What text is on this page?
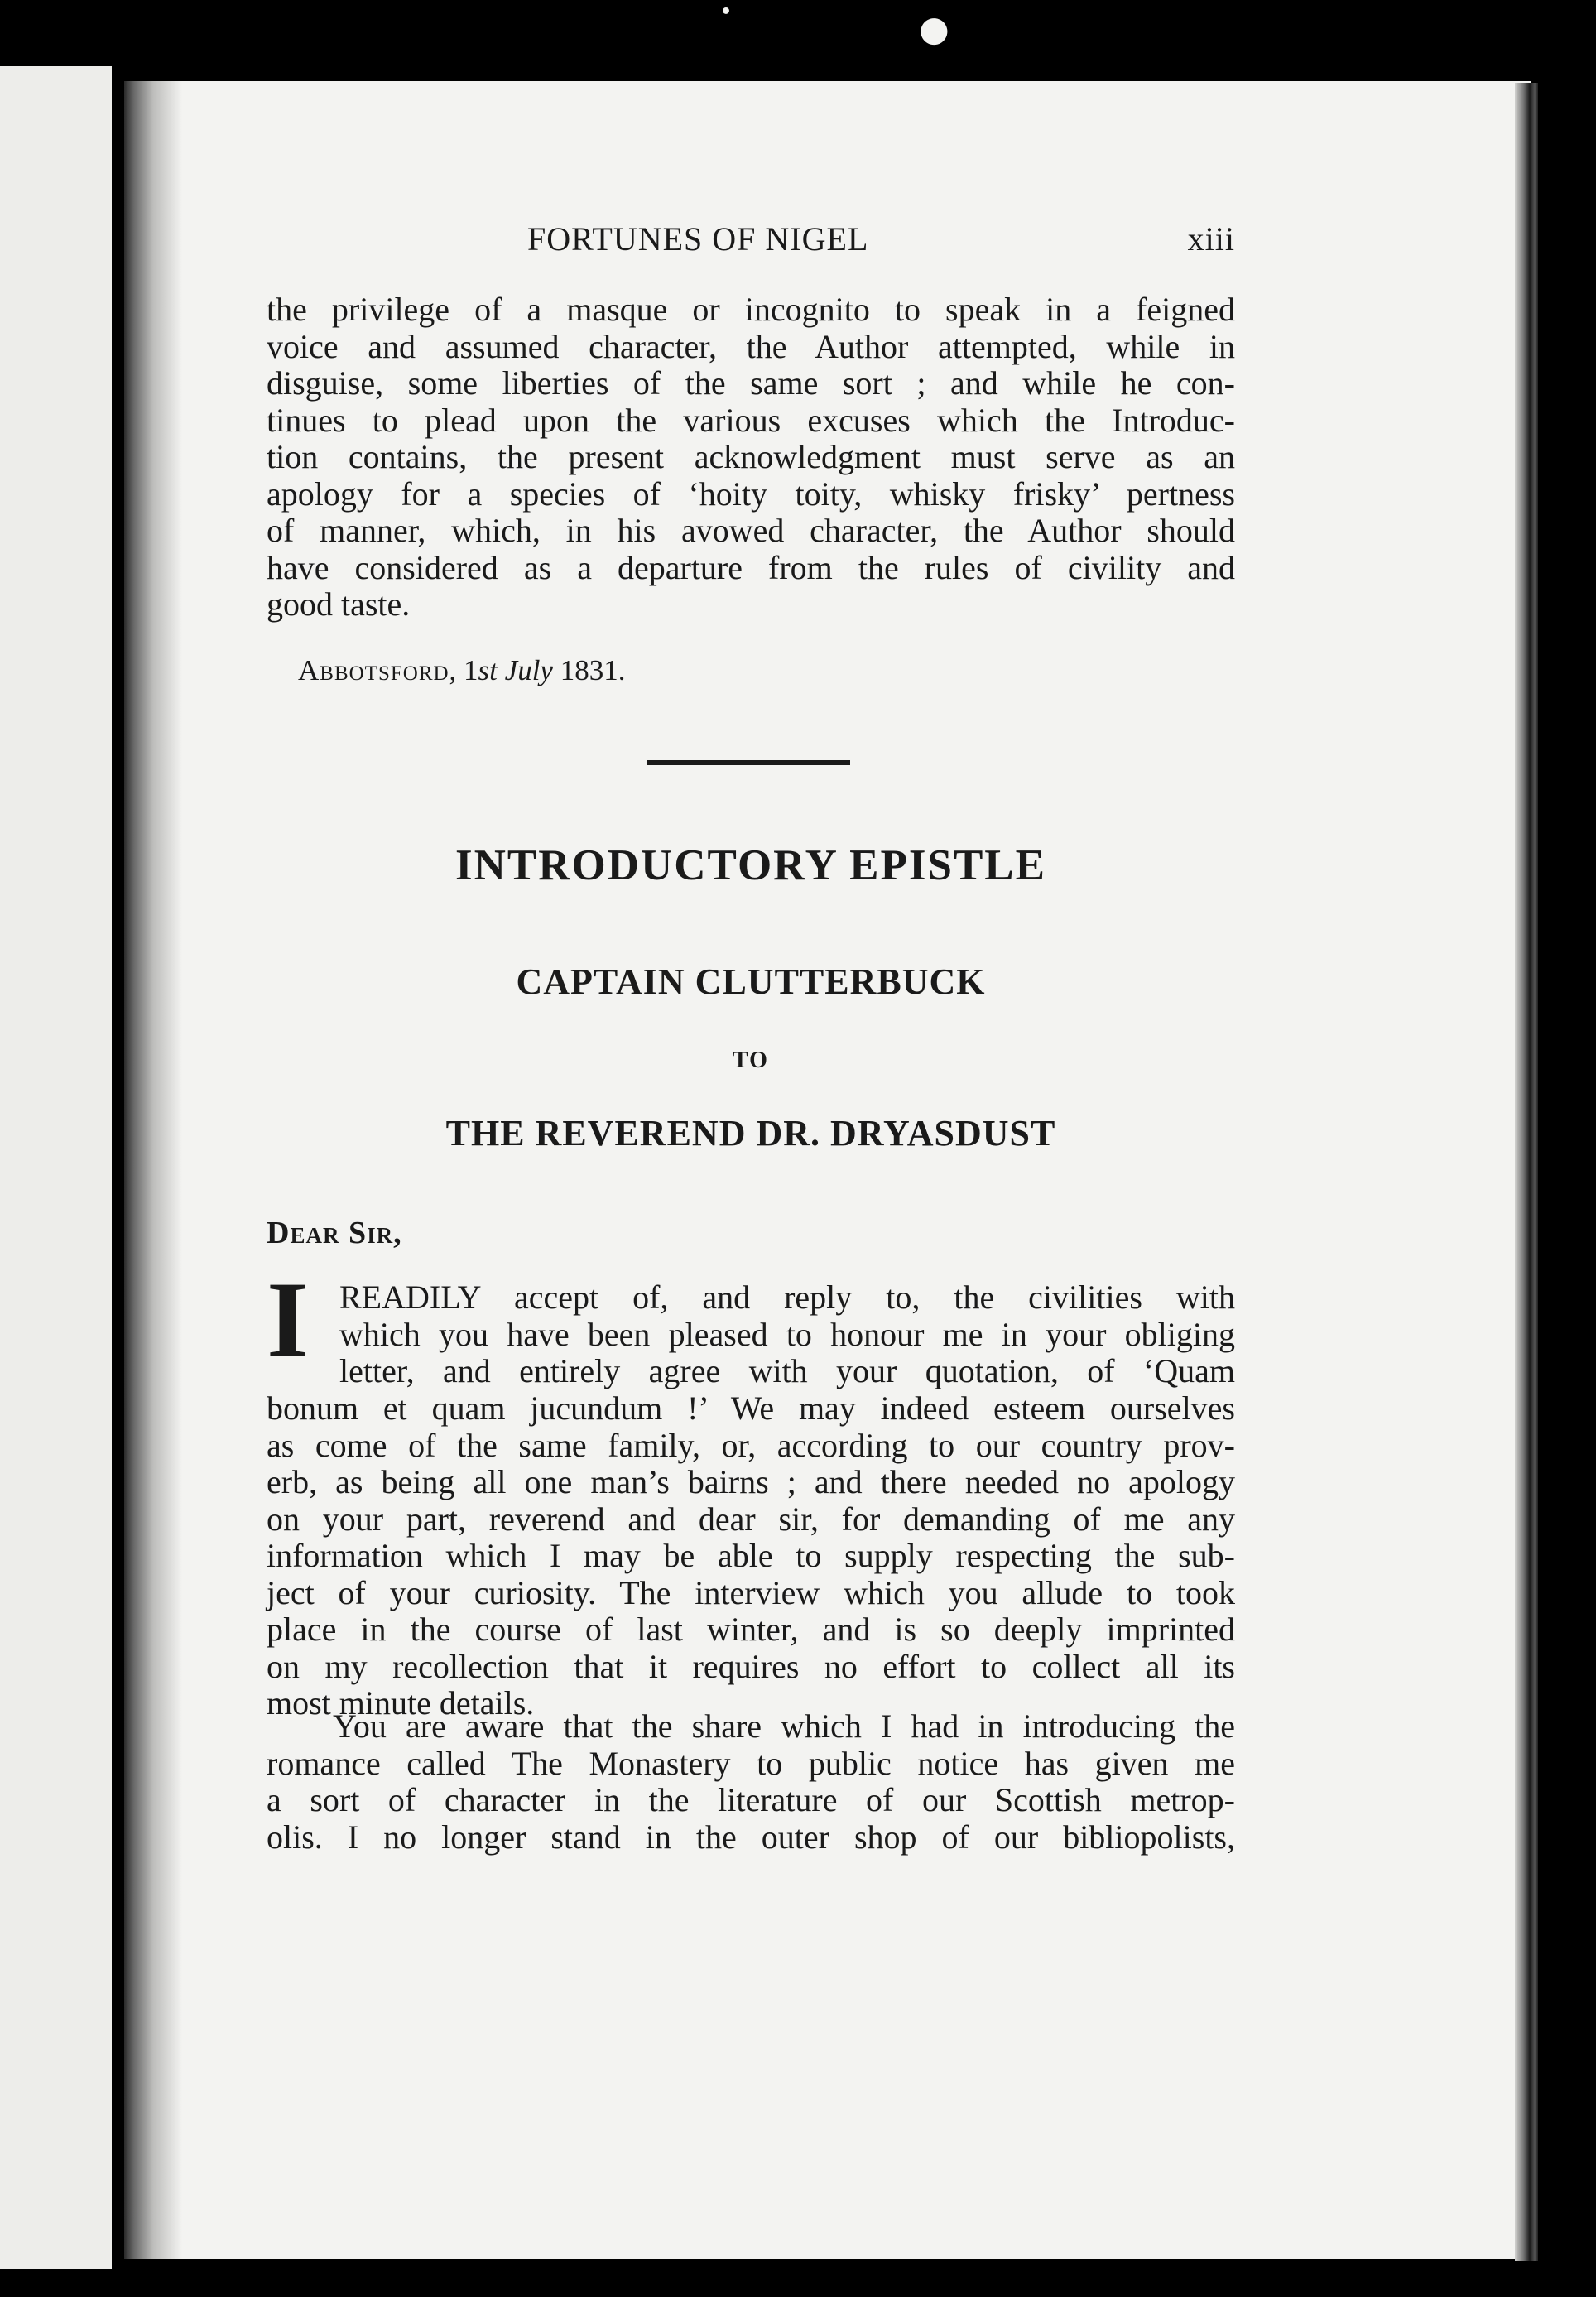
•	●
FORTUNES OF NIGEL	xiii
the privilege of a masque or incognito to speak in a feigned
voice and assumed character, the Author attempted, while in
disguise, some liberties of the same sort ; and while he con-
tinues to plead upon the various excuses which the Introduc-
tion contains, the present acknowledgment must serve as an
apology for a species of ‘hoity toity, whisky frisky’ pertness
of manner, which, in his avowed character, the Author should
have considered as a departure from the rules of civility and
good taste.
Abbotsford, 1st July 1831.
INTRODUCTORY EPISTLE
CAPTAIN CLUTTERBUCK
TO
THE REVEREND DR. DRYASDUST
Dear Sir,
I READILY accept of, and reply to, the civilities with
which you have been pleased to honour me in your obliging
letter, and entirely agree with your quotation, of ‘Quam
bonum et quam jucundum !’ We may indeed esteem ourselves
as come of the same family, or, according to our country prov-
erb, as being all one man’s bairns ; and there needed no apology
on your part, reverend and dear sir, for demanding of me any
information which I may be able to supply respecting the sub-
ject of your curiosity. The interview which you allude to took
place in the course of last winter, and is so deeply imprinted
on my recollection that it requires no effort to collect all its
most minute details.
You are aware that the share which I had in introducing the
romance called The Monastery to public notice has given me
a sort of character in the literature of our Scottish metrop-
olis. I no longer stand in the outer shop of our bibliopolists,
